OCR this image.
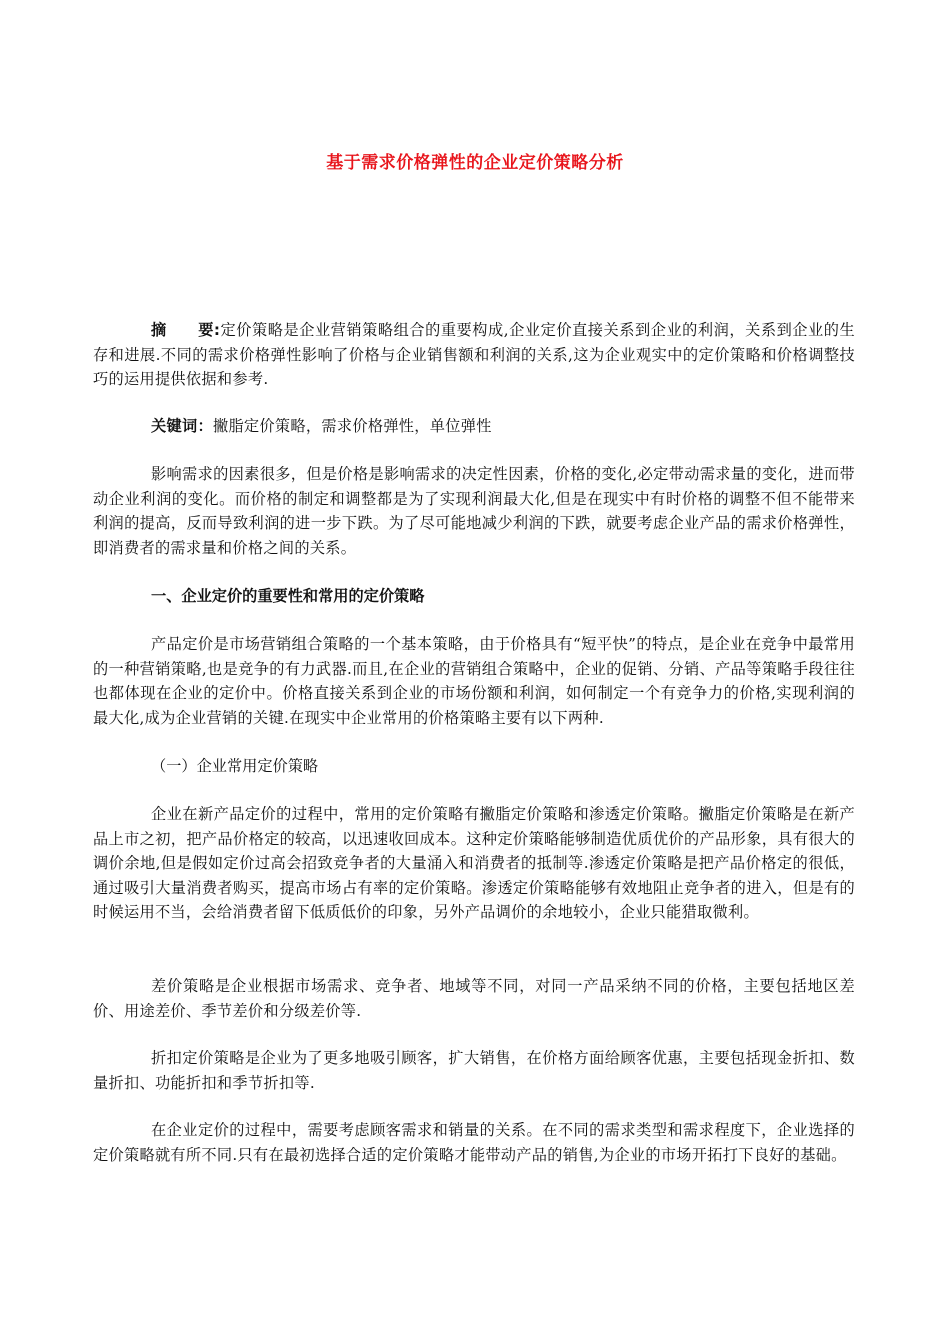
基于需求价格弹性的企业定价策略分析

摘　　要:定价策略是企业营销策略组合的重要构成,企业定价直接关系到企业的利润，关系到企业的生存和进展.不同的需求价格弹性影响了价格与企业销售额和利润的关系,这为企业观实中的定价策略和价格调整技巧的运用提供依据和参考.

关键词：撇脂定价策略，需求价格弹性，单位弹性

影响需求的因素很多，但是价格是影响需求的决定性因素，价格的变化,必定带动需求量的变化，进而带动企业利润的变化。而价格的制定和调整都是为了实现利润最大化,但是在现实中有时价格的调整不但不能带来利润的提高，反而导致利润的进一步下跌。为了尽可能地减少利润的下跌，就要考虑企业产品的需求价格弹性，即消费者的需求量和价格之间的关系。

一、企业定价的重要性和常用的定价策略

产品定价是市场营销组合策略的一个基本策略，由于价格具有“短平快”的特点，是企业在竞争中最常用的一种营销策略,也是竞争的有力武器.而且,在企业的营销组合策略中，企业的促销、分销、产品等策略手段往往也都体现在企业的定价中。价格直接关系到企业的市场份额和利润，如何制定一个有竞争力的价格,实现利润的最大化,成为企业营销的关键.在现实中企业常用的价格策略主要有以下两种.

（一）企业常用定价策略

企业在新产品定价的过程中，常用的定价策略有撇脂定价策略和渗透定价策略。撇脂定价策略是在新产品上市之初，把产品价格定的较高，以迅速收回成本。这种定价策略能够制造优质优价的产品形象，具有很大的调价余地,但是假如定价过高会招致竞争者的大量涌入和消费者的抵制等.渗透定价策略是把产品价格定的很低，通过吸引大量消费者购买，提高市场占有率的定价策略。渗透定价策略能够有效地阻止竞争者的进入，但是有的时候运用不当，会给消费者留下低质低价的印象，另外产品调价的余地较小，企业只能猎取微利。

差价策略是企业根据市场需求、竞争者、地域等不同，对同一产品采纳不同的价格，主要包括地区差价、用途差价、季节差价和分级差价等.

折扣定价策略是企业为了更多地吸引顾客，扩大销售，在价格方面给顾客优惠，主要包括现金折扣、数量折扣、功能折扣和季节折扣等.

在企业定价的过程中，需要考虑顾客需求和销量的关系。在不同的需求类型和需求程度下，企业选择的定价策略就有所不同.只有在最初选择合适的定价策略才能带动产品的销售,为企业的市场开拓打下良好的基础。
